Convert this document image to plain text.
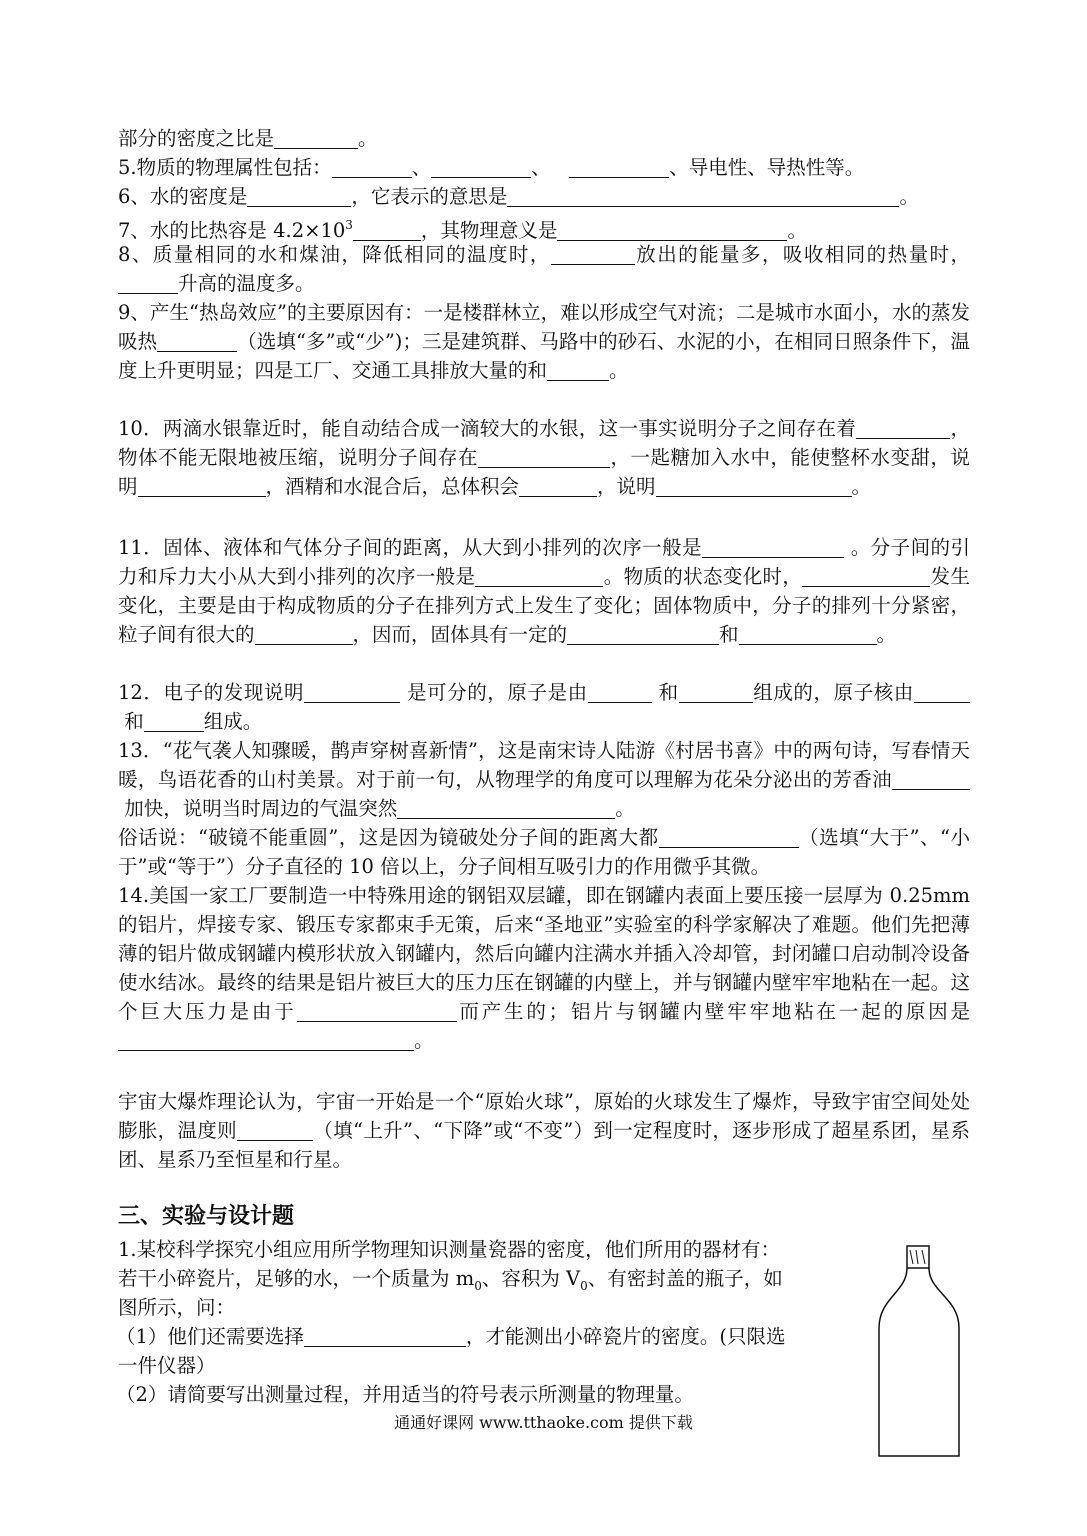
部分的密度之比是	。
5.物质的物理属性包括：	、	、	、导电性、导热性等。
6、水的密度是	，它表示的意思是	。
7、水的比热容是 $4.2\times 10^3$	，其物理意义是	。
8、质量相同的水和煤油，降低相同的温度时，	放出的能量多，吸收相同的热量时，升高的温度多。
9、产生“热岛效应”的主要原因有：一是楼群林立，难以形成空气对流；二是城市水面小，水的蒸发吸热	（选填“多”或“少”)；三是建筑群、马路中的砂石、水泥的小，在相同日照条件下，温度上升更明显；四是工厂、交通工具排放大量的和	。
10．两滴水银靠近时，能自动结合成一滴较大的水银，这一事实说明分子之间存在着	，物体不能无限地被压缩，说明分子间存在	，一匙糖加入水中，能使整杯水变甜，说明	，酒精和水混合后，总体积会	，说明	。
11．固体、液体和气体分子间的距离，从大到小排列的次序一般是	。分子间的引力和斥力大小从大到小排列的次序一般是	。物质的状态变化时，	发生变化，主要是由于构成物质的分子在排列方式上发生了变化；固体物质中，分子的排列十分紧密，粒子间有很大的	，因而，固体具有一定的	和	。
12．电子的发现说明	是可分的，原子是由	和	组成的，原子核由 和	组成。
13．“花气袭人知骤暖，鹊声穿树喜新情”，这是南宋诗人陆游《村居书喜》中的两句诗，写春情天暖，鸟语花香的山村美景。对于前一句，从物理学的角度可以理解为花朵分泌出的芳香油 加快，说明当时周边的气温突然	。
俗话说：“破镜不能重圆”，这是因为镜破处分子间的距离大都	（选填“大于”、“小于”或“等于”）分子直径的 10 倍以上，分子间相互吸引力的作用微乎其微。
14.美国一家工厂要制造一中特殊用途的钢铝双层罐，即在钢罐内表面上要压接一层厚为 0.25mm 的铝片，焊接专家、锻压专家都束手无策，后来“圣地亚”实验室的科学家解决了难题。他们先把薄薄的铝片做成钢罐内模形状放入钢罐内，然后向罐内注满水并插入冷却管，封闭罐口启动制冷设备使水结冰。最终的结果是铝片被巨大的压力压在钢罐的内壁上，并与钢罐内壁牢牢地粘在一起。这个巨大压力是由于	而产生的；铝片与钢罐内壁牢牢地粘在一起的原因是。
宇宙大爆炸理论认为，宇宙一开始是一个“原始火球”，原始的火球发生了爆炸，导致宇宙空间处处膨胀，温度则	（填“上升”、“下降”或“不变”）到一定程度时，逐步形成了超星系团，星系团、星系乃至恒星和行星。
三、实验与设计题
1.某校科学探究小组应用所学物理知识测量瓷器的密度，他们所用的器材有：
若干小碎瓷片，足够的水，一个质量为 $m_0$、容积为 $V_0$、有密封盖的瓶子，如
图所示，问：
（1）他们还需要选择	，才能测出小碎瓷片的密度。(只限选
一件仪器）
（2）请简要写出测量过程，并用适当的符号表示所测量的物理量。
通通好课网 www.tthaoke.com 提供下载
